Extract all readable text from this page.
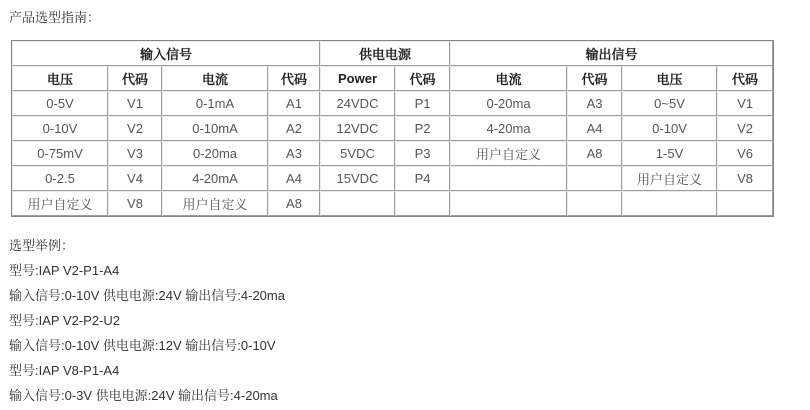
产品选型指南：
输入信号				供电电源		输出信号			
电压	代码	电流	代码	Power	代码	电流	代码	电压	代码
0-5V	V1	0-1mA	A1	24VDC	P1	0-20ma	A3	0~5V	V1
0-10V	V2	0-10mA	A2	12VDC	P2	4-20ma	A4	0-10V	V2
0-75mV	V3	0-20ma	A3	5VDC	P3	用户自定义	A8	1-5V	V6
0-2.5	V4	4-20mA	A4	15VDC	P4			用户自定义	V8
用户自定义	V8	用户自定义	A8						
选型举例：
型号:IAP V2-P1-A4
输入信号:0-10V 供电电源:24V 输出信号:4-20ma
型号:IAP V2-P2-U2
输入信号:0-10V 供电电源:12V 输出信号:0-10V
型号:IAP V8-P1-A4
输入信号:0-3V 供电电源:24V 输出信号:4-20ma
